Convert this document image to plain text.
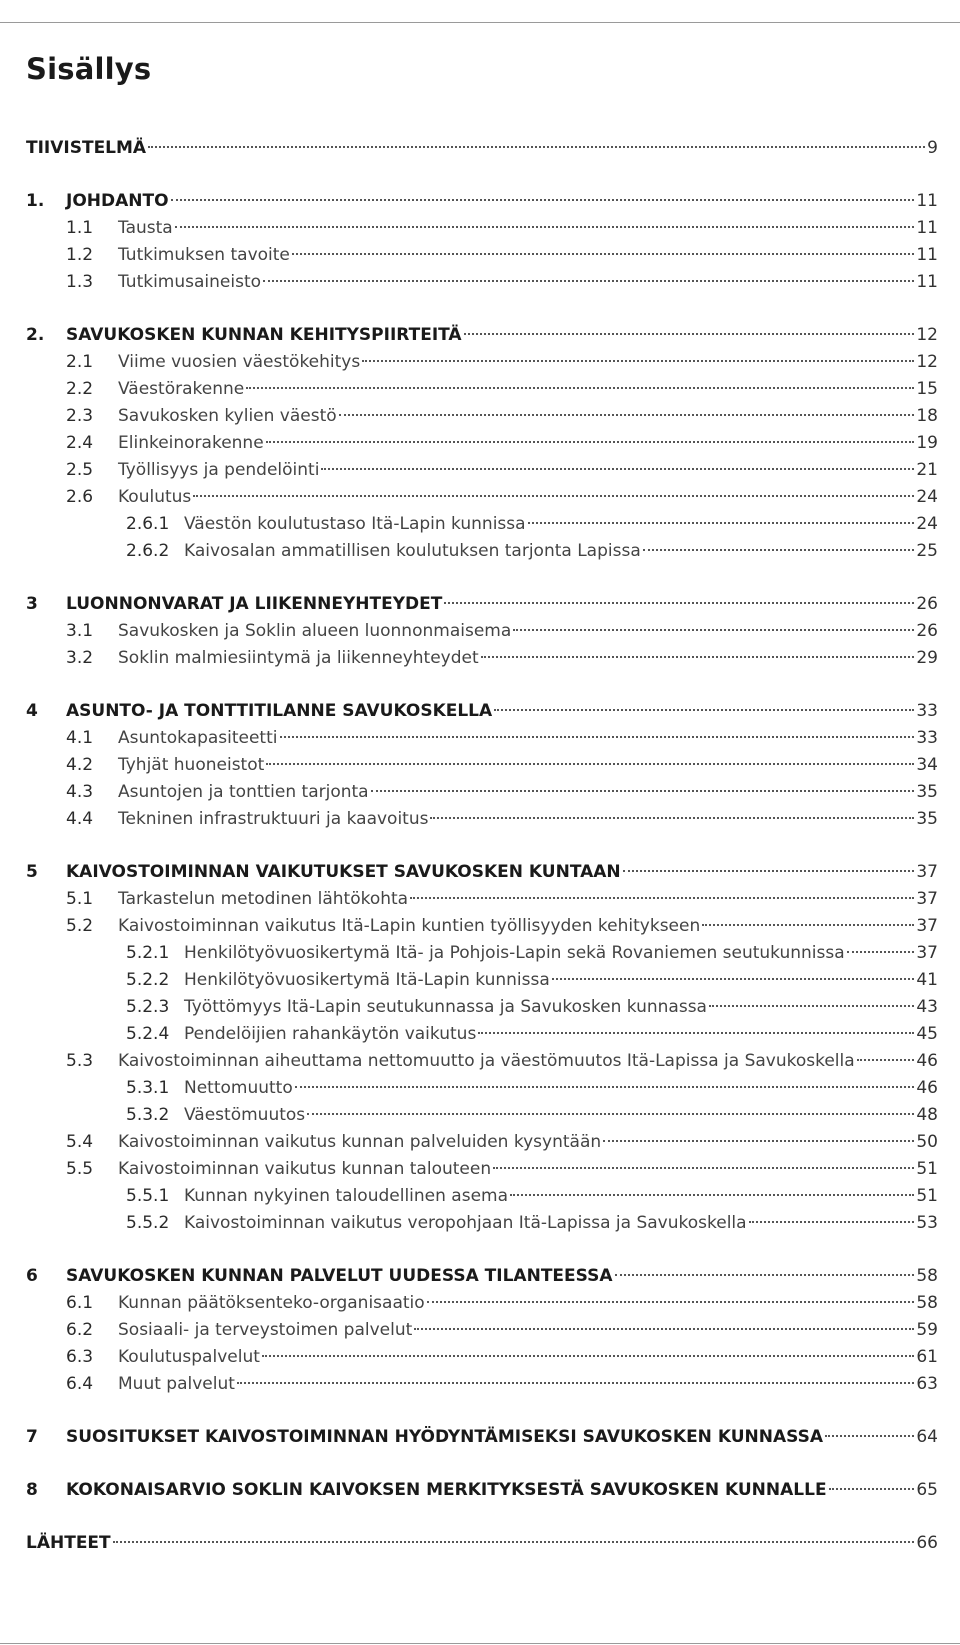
Sisällys
TIIVISTELMÄ	9
1.	JOHDANTO	11
1.1	Tausta	11
1.2	Tutkimuksen tavoite	11
1.3	Tutkimusaineisto	11
2.	SAVUKOSKEN KUNNAN KEHITYSPIIRTEITÄ	12
2.1	Viime vuosien väestökehitys	12
2.2	Väestörakenne	15
2.3	Savukosken kylien väestö	18
2.4	Elinkeinorakenne	19
2.5	Työllisyys ja pendelöinti	21
2.6	Koulutus	24
2.6.1 Väestön koulutustaso Itä-Lapin kunnissa	24
2.6.2 Kaivosalan ammatillisen koulutuksen tarjonta Lapissa	25
3	LUONNONVARAT JA LIIKENNEYHTEYDET	26
3.1	Savukosken ja Soklin alueen luonnonmaisema	26
3.2	Soklin malmiesiintymä ja liikenneyhteydet	29
4	ASUNTO- JA TONTTITILANNE SAVUKOSKELLA	33
4.1	Asuntokapasiteetti	33
4.2	Tyhjät huoneistot	34
4.3	Asuntojen ja tonttien tarjonta	35
4.4	Tekninen infrastruktuuri ja kaavoitus	35
5	KAIVOSTOIMINNAN VAIKUTUKSET SAVUKOSKEN KUNTAAN	37
5.1	Tarkastelun metodinen lähtökohta	37
5.2	Kaivostoiminnan vaikutus Itä-Lapin kuntien työllisyyden kehitykseen	37
5.2.1 Henkilötyövuosikertymä Itä- ja Pohjois-Lapin sekä Rovaniemen seutukunnissa	37
5.2.2 Henkilötyövuosikertymä Itä-Lapin kunnissa	41
5.2.3 Työttömyys Itä-Lapin seutukunnassa ja Savukosken kunnassa	43
5.2.4 Pendelöijien rahankäytön vaikutus	45
5.3	Kaivostoiminnan aiheuttama nettomuutto ja väestömuutos Itä-Lapissa ja Savukoskella	46
5.3.1 Nettomuutto	46
5.3.2 Väestömuutos	48
5.4	Kaivostoiminnan vaikutus kunnan palveluiden kysyntään	50
5.5	Kaivostoiminnan vaikutus kunnan talouteen	51
5.5.1 Kunnan nykyinen taloudellinen asema	51
5.5.2 Kaivostoiminnan vaikutus veropohjaan Itä-Lapissa ja Savukoskella	53
6	SAVUKOSKEN KUNNAN PALVELUT UUDESSA TILANTEESSA	58
6.1	Kunnan päätöksenteko-organisaatio	58
6.2	Sosiaali- ja terveystoimen palvelut	59
6.3	Koulutuspalvelut	61
6.4	Muut palvelut	63
7	SUOSITUKSET KAIVOSTOIMINNAN HYÖDYNTÄMISEKSI SAVUKOSKEN KUNNASSA	64
8	KOKONAISARVIO SOKLIN KAIVOKSEN MERKITYKSESTÄ SAVUKOSKEN KUNNALLE	65
LÄHTEET	66
